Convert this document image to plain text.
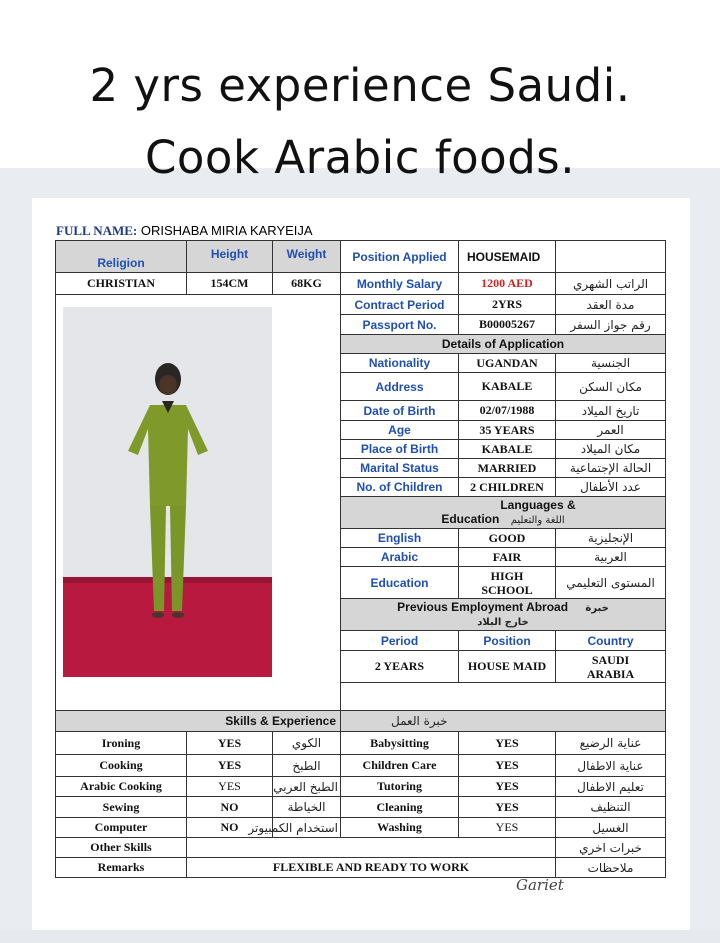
2 yrs experience Saudi.
Cook Arabic foods.
FULL NAME: ORISHABA MIRIA KARYEIJA
Religion	Height	Weight	Position Applied	HOUSEMAID	
CHRISTIAN	154CM	68KG	Monthly Salary	1200 AED	الراتب الشهري
	Contract Period	2YRS	مدة العقد
			Passport No.	B00005267	رقم جواز السفر
			Details of Application		
			Nationality	UGANDAN	الجنسية
			Address	KABALE	مكان السكن
			Date of Birth	02/07/1988	تاريخ الميلاد
			Age	35 YEARS	العمر
			Place of Birth	KABALE	مكان الميلاد
			Marital Status	MARRIED	الحالة الإجتماعية
			No. of Children	2 CHILDREN	عدد الأطفال

			Languages &
Education اللغة والتعليم		

			English	GOOD	الإنجليزية
			Arabic	FAIR	العربية
			Education	HIGH
SCHOOL	المستوى التعليمي

			Previous Employment Abroad خبرة
خارج البلاد		

			Period	Position	Country
			2 YEARS	HOUSE MAID	SAUDI
ARABIA

Skills & Experience			خبرة العمل		
Ironing	YES	الكوي	Babysitting	YES	عناية الرضيع
Cooking	YES	الطبخ	Children Care	YES	عناية الاطفال
Arabic Cooking	YES	الطبخ العربي	Tutoring	YES	تعليم الاطفال
Sewing	NO	الخياطة	Cleaning	YES	التنظيف
Computer	NO	استخدام الكمبيوتر	Washing	YES	الغسيل
Other Skills					خبرات اخري
Remarks	FLEXIBLE AND READY TO WORK				ملاحظات
Gariet
